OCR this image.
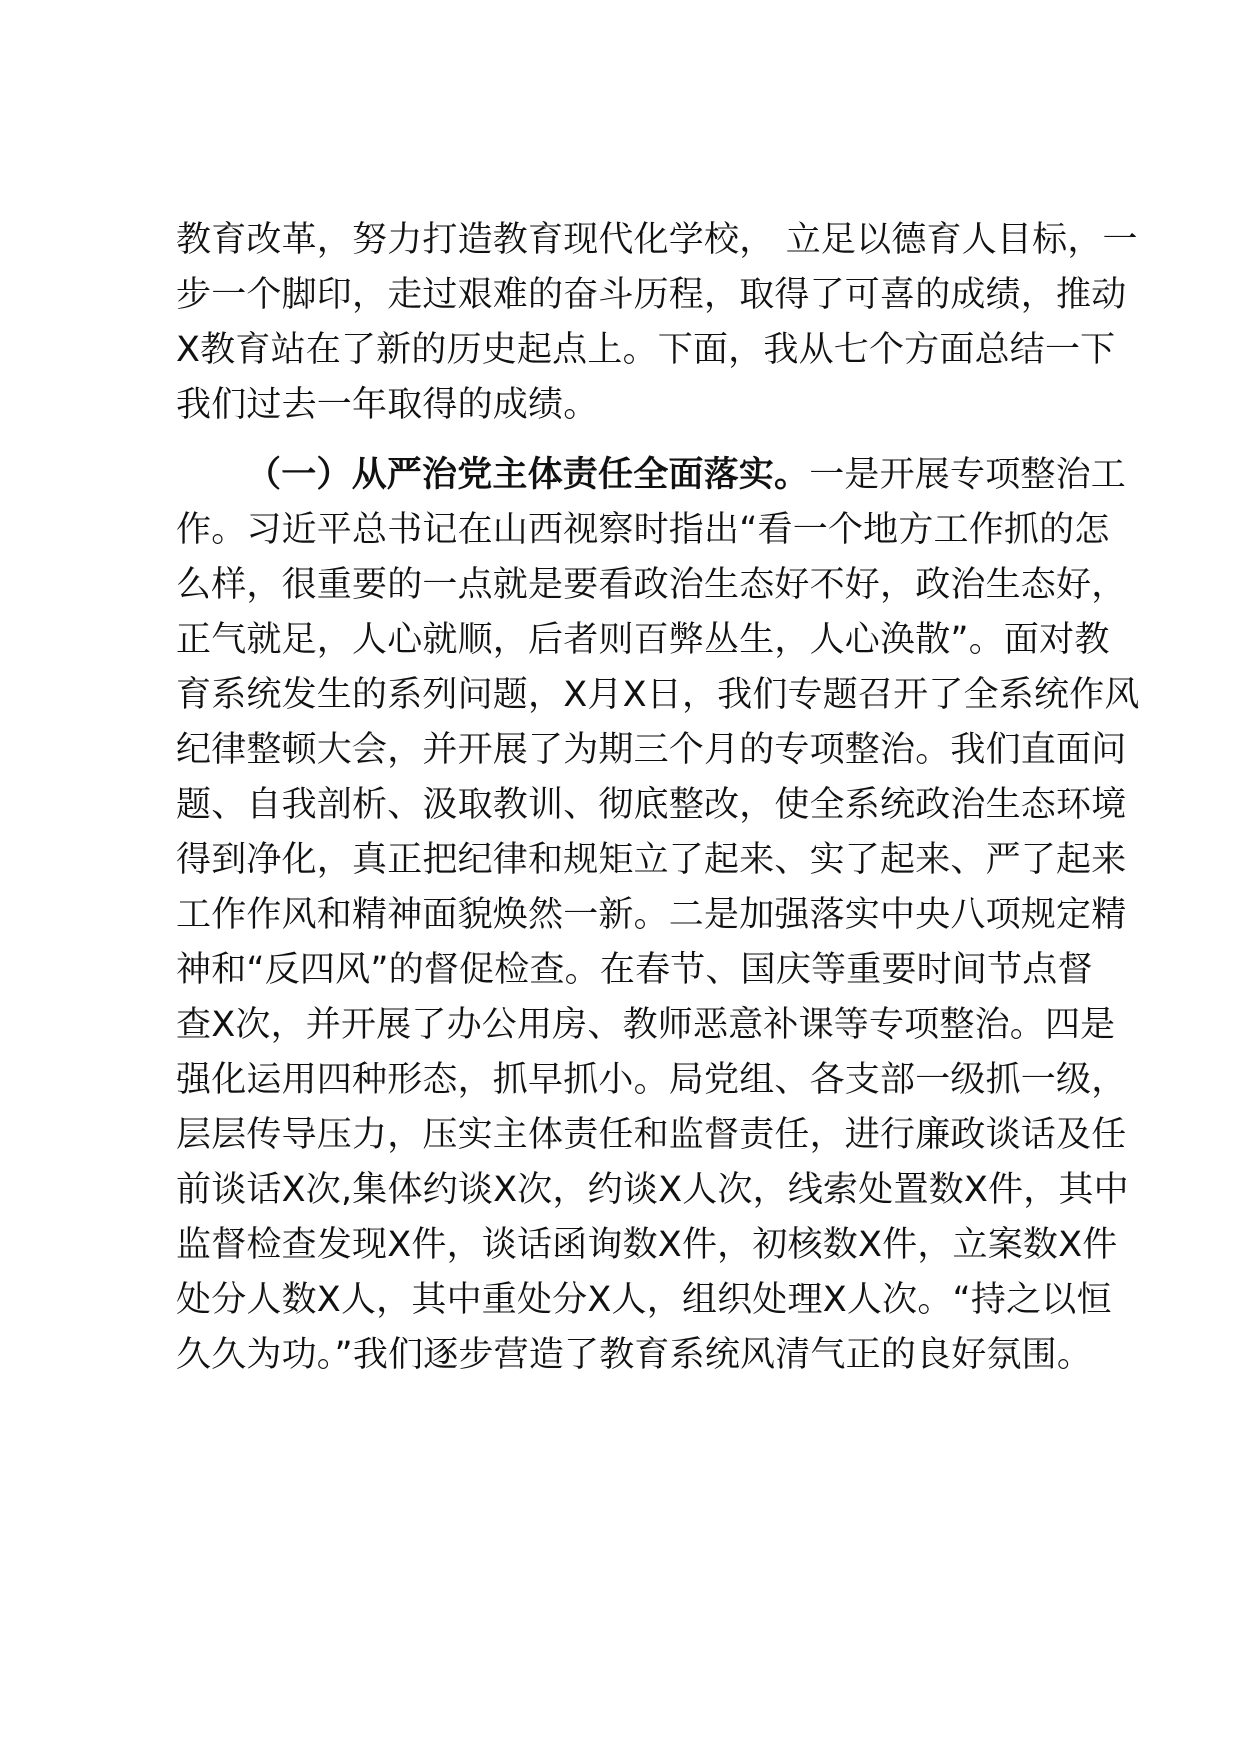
教育改革，努力打造教育现代化学校， 立足以德育人目标，一

步一个脚印，走过艰难的奋斗历程，取得了可喜的成绩，推动

X教育站在了新的历史起点上。下面，我从七个方面总结一下

我们过去一年取得的成绩。

（一）从严治党主体责任全面落实。一是开展专项整治工

作。习近平总书记在山西视察时指出“看一个地方工作抓的怎

么样，很重要的一点就是要看政治生态好不好，政治生态好，

正气就足，人心就顺，后者则百弊丛生，人心涣散”。面对教

育系统发生的系列问题，X月X日，我们专题召开了全系统作风

纪律整顿大会，并开展了为期三个月的专项整治。我们直面问

题、自我剖析、汲取教训、彻底整改，使全系统政治生态环境

得到净化，真正把纪律和规矩立了起来、实了起来、严了起来

工作作风和精神面貌焕然一新。二是加强落实中央八项规定精

神和“反四风”的督促检查。在春节、国庆等重要时间节点督

查X次，并开展了办公用房、教师恶意补课等专项整治。四是

强化运用四种形态，抓早抓小。局党组、各支部一级抓一级，

层层传导压力，压实主体责任和监督责任，进行廉政谈话及任

前谈话X次,集体约谈X次，约谈X人次，线索处置数X件，其中

监督检查发现X件，谈话函询数X件，初核数X件，立案数X件

处分人数X人，其中重处分X人，组织处理X人次。“持之以恒

久久为功。”我们逐步营造了教育系统风清气正的良好氛围。
